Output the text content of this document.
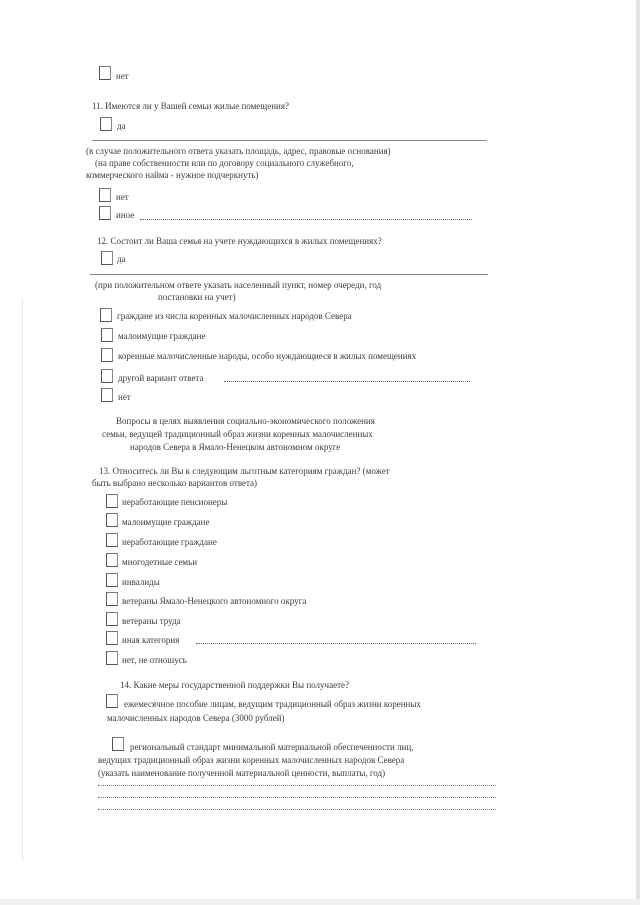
нет
11. Имеются ли у Вашей семьи жилые помещения?
да
(в случае положительного ответа указать площадь, адрес, правовые основания)
(на праве собственности или по договору социального служебного,
коммерческого найма - нужное подчеркнуть)
нет
иное
12. Состоит ли Ваша семья на учете нуждающихся в жилых помещениях?
да
(при положительном ответе указать населенный пункт, номер очереди, год
постановки на учет)
граждане из числа коренных малочисленных народов Севера
малоимущие граждане
коренные малочисленные народы, особо нуждающиеся в жилых помещениях
другой вариант ответа
нет
Вопросы в целях выявления социально-экономического положения
семьи, ведущей традиционный образ жизни коренных малочисленных
народов Севера в Ямало-Ненецком автономном округе
13. Относитесь ли Вы к следующим льготным категориям граждан? (может
быть выбрано несколько вариантов ответа)
неработающие пенсионеры
малоимущие граждане
неработающие граждане
многодетные семьи
инвалиды
ветераны Ямало-Ненецкого автономного округа
ветераны труда
иная категория
нет, не отношусь
14. Какие меры государственной поддержки Вы получаете?
ежемесячное пособие лицам, ведущим традиционный образ жизни коренных
малочисленных народов Севера (3000 рублей)
региональный стандарт минимальной материальной обеспеченности лиц,
ведущих традиционный образ жизни коренных малочисленных народов Севера
(указать наименование полученной материальной ценности, выплаты, год)
